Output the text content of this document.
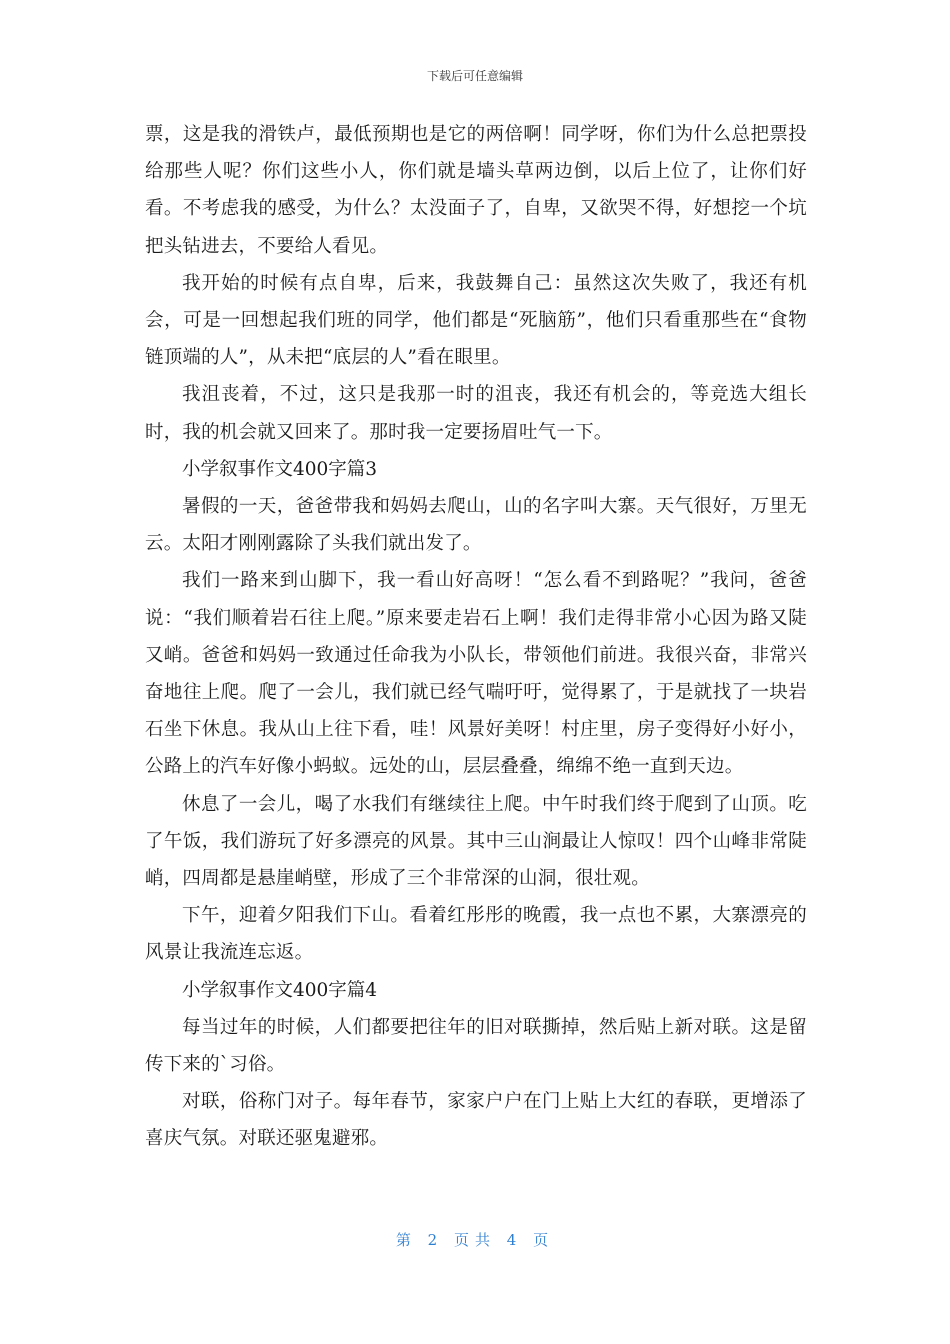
下载后可任意编辑

票，这是我的滑铁卢，最低预期也是它的两倍啊！同学呀，你们为什么总把票投给那些人呢？你们这些小人，你们就是墙头草两边倒，以后上位了，让你们好看。不考虑我的感受，为什么？太没面子了，自卑，又欲哭不得，好想挖一个坑把头钻进去，不要给人看见。

我开始的时候有点自卑，后来，我鼓舞自己：虽然这次失败了，我还有机会，可是一回想起我们班的同学，他们都是“死脑筋”，他们只看重那些在“食物链顶端的人”，从未把“底层的人”看在眼里。

我沮丧着，不过，这只是我那一时的沮丧，我还有机会的，等竞选大组长时，我的机会就又回来了。那时我一定要扬眉吐气一下。

小学叙事作文400字篇3

暑假的一天，爸爸带我和妈妈去爬山，山的名字叫大寨。天气很好，万里无云。太阳才刚刚露除了头我们就出发了。

我们一路来到山脚下，我一看山好高呀！“怎么看不到路呢？”我问，爸爸说：“我们顺着岩石往上爬。”原来要走岩石上啊！我们走得非常小心因为路又陡又峭。爸爸和妈妈一致通过任命我为小队长，带领他们前进。我很兴奋，非常兴奋地往上爬。爬了一会儿，我们就已经气喘吁吁，觉得累了，于是就找了一块岩石坐下休息。我从山上往下看，哇！风景好美呀！村庄里，房子变得好小好小，公路上的汽车好像小蚂蚁。远处的山，层层叠叠，绵绵不绝一直到天边。

休息了一会儿，喝了水我们有继续往上爬。中午时我们终于爬到了山顶。吃了午饭，我们游玩了好多漂亮的风景。其中三山涧最让人惊叹！四个山峰非常陡峭，四周都是悬崖峭壁，形成了三个非常深的山洞，很壮观。

下午，迎着夕阳我们下山。看着红彤彤的晚霞，我一点也不累，大寨漂亮的风景让我流连忘返。

小学叙事作文400字篇4

每当过年的时候，人们都要把往年的旧对联撕掉，然后贴上新对联。这是留传下来的`习俗。

对联，俗称门对子。每年春节，家家户户在门上贴上大红的春联，更增添了喜庆气氛。对联还驱鬼避邪。

第 2 页共 4 页
